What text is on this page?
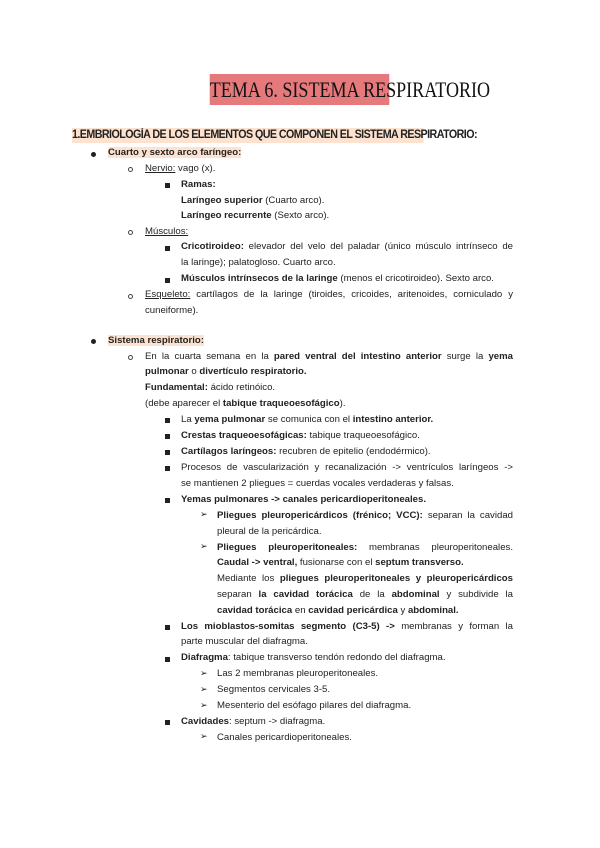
TEMA 6. SISTEMA RESPIRATORIO
1.EMBRIOLOGÍA DE LOS ELEMENTOS QUE COMPONEN EL SISTEMA RESPIRATORIO:
Cuarto y sexto arco faríngeo:
Nervio: vago (x).
Ramas:
Laríngeo superior (Cuarto arco).
Laríngeo recurrente (Sexto arco).
Músculos:
Cricotiroideo: elevador del velo del paladar (único músculo intrínseco de
la laringe); palatogloso. Cuarto arco.
Músculos intrínsecos de la laringe (menos el cricotiroideo). Sexto arco.
Esqueleto: cartílagos de la laringe (tiroides, cricoides, aritenoides, corniculado y
cuneiforme).
Sistema respiratorio:
En la cuarta semana en la pared ventral del intestino anterior surge la yema
pulmonar o divertículo respiratorio.
Fundamental: ácido retinóico.
(debe aparecer el tabique traqueoesofágico).
La yema pulmonar se comunica con el intestino anterior.
Crestas traqueoesofágicas: tabique traqueoesofágico.
Cartílagos laríngeos: recubren de epitelio (endodérmico).
Procesos de vascularización y recanalización -> ventrículos laríngeos ->
se mantienen 2 pliegues = cuerdas vocales verdaderas y falsas.
Yemas pulmonares -> canales pericardioperitoneales.
➢ Pliegues pleuropericárdicos (frénico; VCC): separan la cavidad
pleural de la pericárdica.
➢ Pliegues pleuroperitoneales: membranas pleuroperitoneales.
Caudal -> ventral, fusionarse con el septum transverso.
Mediante los pliegues pleuroperitoneales y pleuropericárdicos
separan la cavidad torácica de la abdominal y subdivide la
cavidad torácica en cavidad pericárdica y abdominal.
Los mioblastos-somitas segmento (C3-5) -> membranas y forman la
parte muscular del diafragma.
Diafragma: tabique transverso tendón redondo del diafragma.
➢ Las 2 membranas pleuroperitoneales.
➢ Segmentos cervicales 3-5.
➢ Mesenterio del esófago pilares del diafragma.
Cavidades: septum -> diafragma.
➢ Canales pericardioperitoneales.
